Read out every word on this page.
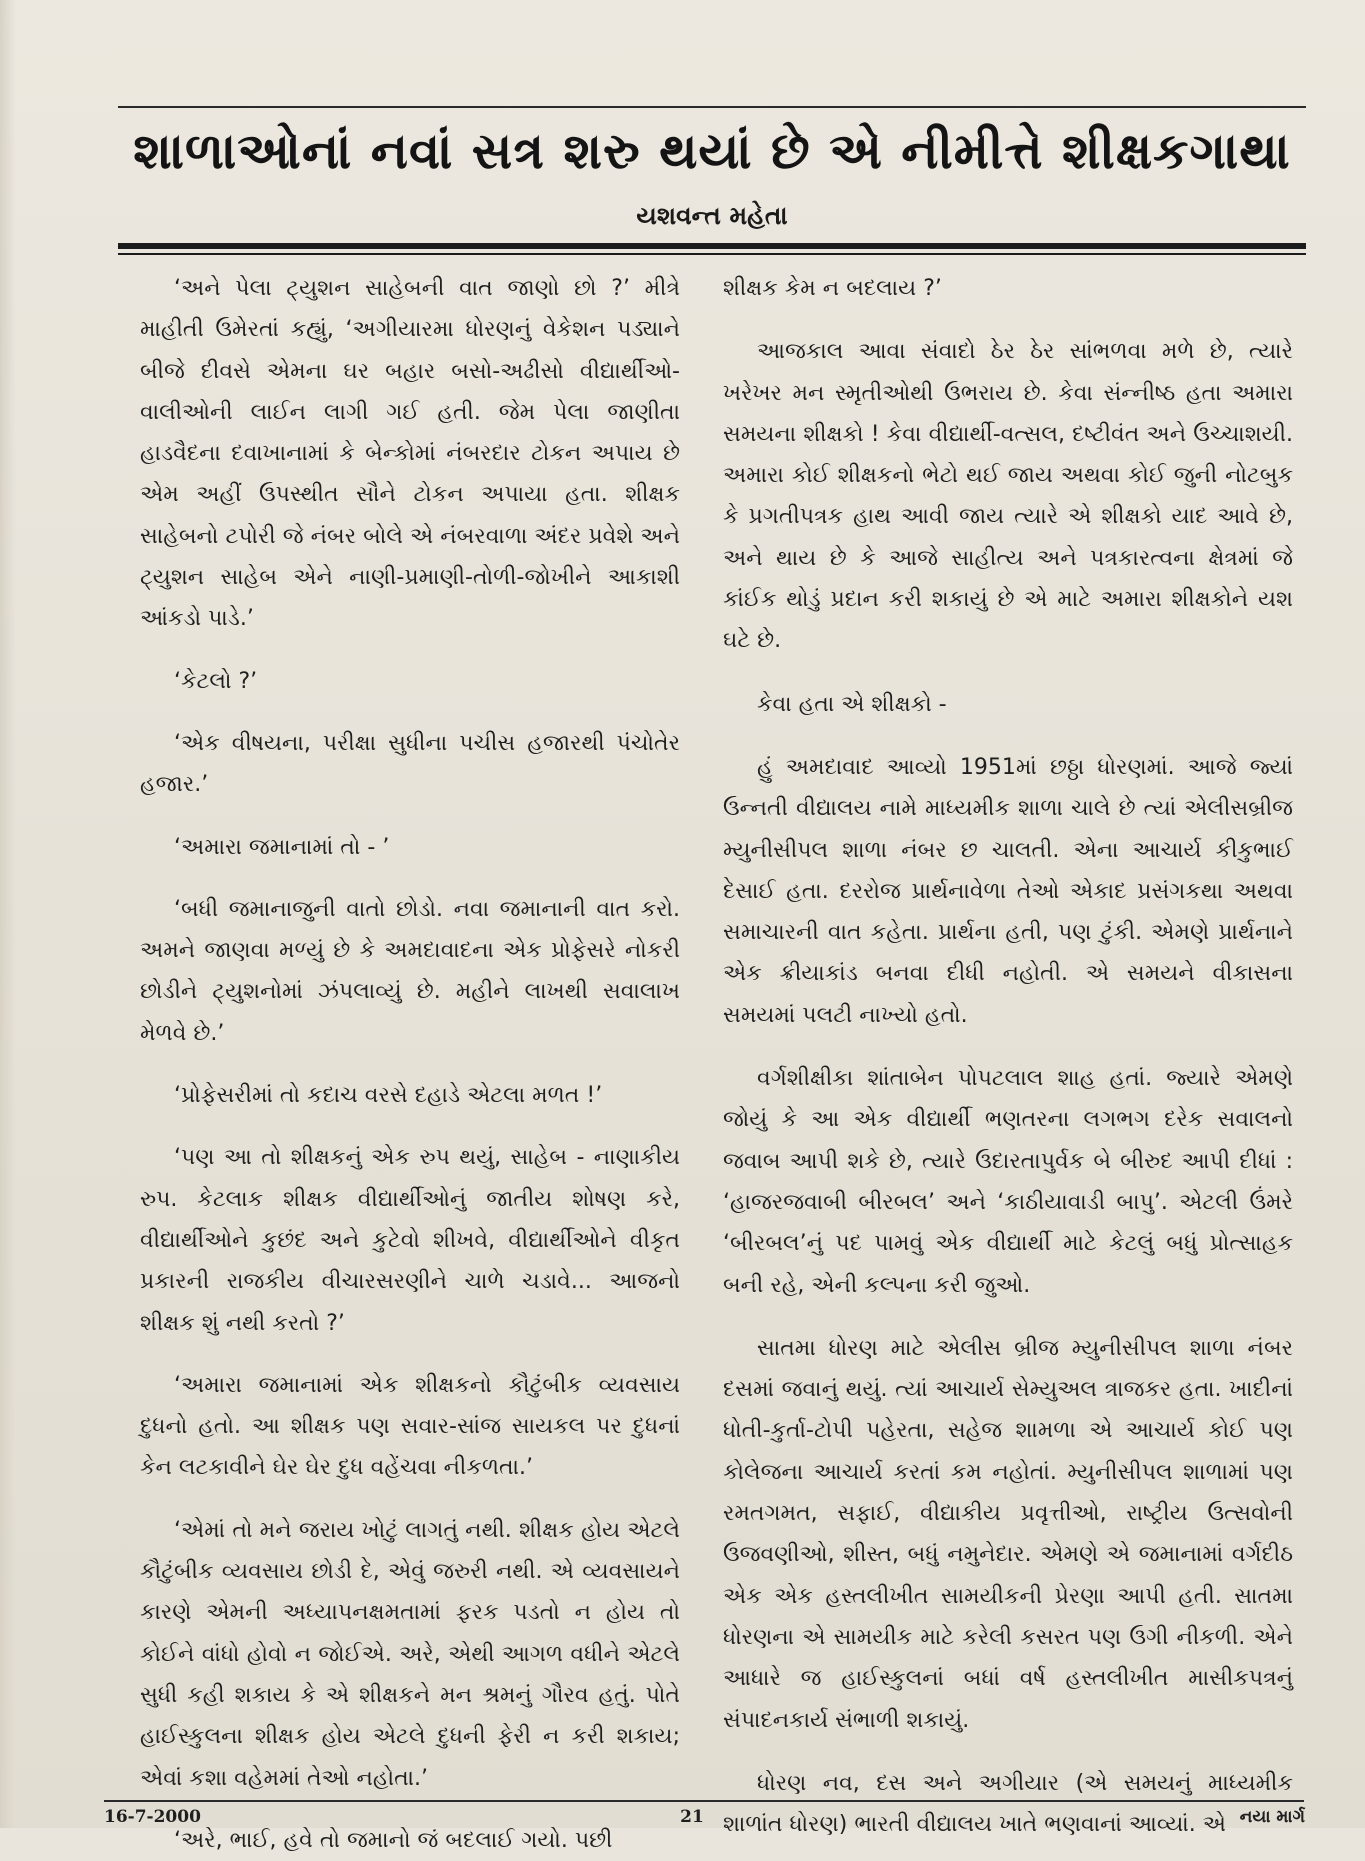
શાળાઓનાં નવાં સત્ર શરુ થયાં છે એ નીમીત્તે શીક્ષકગાથા
યશવન્ત મહેતા

‘અને પેલા ટ્યુશન સાહેબની વાત જાણો છો ?’ મીત્રે માહીતી ઉમેરતાં કહ્યું, ‘અગીયારમા ધોરણનું વેકેશન પડ્યાને બીજે દીવસે એમના ઘર બહાર બસો-અઢીસો વીદ્યાર્થીઓ-વાલીઓની લાઈન લાગી ગઈ હતી. જેમ પેલા જાણીતા હાડવૈદના દવાખાનામાં કે બેન્કોમાં નંબરદાર ટોકન અપાય છે એમ અહીં ઉપસ્થીત સૌને ટોકન અપાયા હતા. શીક્ષક સાહેબનો ટપોરી જે નંબર બોલે એ નંબરવાળા અંદર પ્રવેશે અને ટ્યુશન સાહેબ એને નાણી-પ્રમાણી-તોળી-જોખીને આકાશી આંકડો પાડે.’

‘કેટલો ?’

‘એક વીષયના, પરીક્ષા સુધીના પચીસ હજારથી પંચોતેર હજાર.’

‘અમારા જમાનામાં તો - ’

‘બધી જમાનાજુની વાતો છોડો. નવા જમાનાની વાત કરો. અમને જાણવા મળ્યું છે કે અમદાવાદના એક પ્રોફેસરે નોકરી છોડીને ટ્યુશનોમાં ઝંપલાવ્યું છે. મહીને લાખથી સવાલાખ મેળવે છે.’

‘પ્રોફેસરીમાં તો કદાચ વરસે દહાડે એટલા મળત !’

‘પણ આ તો શીક્ષકનું એક રુપ થયું, સાહેબ - નાણાકીય રુપ. કેટલાક શીક્ષક વીદ્યાર્થીઓનું જાતીય શોષણ કરે, વીદ્યાર્થીઓને કુછંદ અને કુટેવો શીખવે, વીદ્યાર્થીઓને વીકૃત પ્રકારની રાજકીય વીચારસરણીને ચાળે ચડાવે... આજનો શીક્ષક શું નથી કરતો ?’

‘અમારા જમાનામાં એક શીક્ષકનો કૌટુંબીક વ્યવસાય દુધનો હતો. આ શીક્ષક પણ સવાર-સાંજ સાયકલ પર દુધનાં કેન લટકાવીને ઘેર ઘેર દુધ વહેંચવા નીકળતા.’

‘એમાં તો મને જરાય ખોટું લાગતું નથી. શીક્ષક હોય એટલે કૌટુંબીક વ્યવસાય છોડી દે, એવું જરુરી નથી. એ વ્યવસાયને કારણે એમની અધ્યાપનક્ષમતામાં ફરક પડતો ન હોય તો કોઈને વાંધો હોવો ન જોઈએ. અરે, એથી આગળ વધીને એટલે સુધી કહી શકાય કે એ શીક્ષકને મન શ્રમનું ગૌરવ હતું. પોતે હાઈસ્કુલના શીક્ષક હોય એટલે દુધની ફેરી ન કરી શકાય; એવાં કશા વહેમમાં તેઓ નહોતા.’

‘અરે, ભાઈ, હવે તો જમાનો જં બદલાઈ ગયો. પછી

શીક્ષક કેમ ન બદલાય ?’

આજકાલ આવા સંવાદો ઠેર ઠેર સાંભળવા મળે છે, ત્યારે ખરેખર મન સ્મૃતીઓથી ઉભરાય છે. કેવા સંન્નીષ્ઠ હતા અમારા સમયના શીક્ષકો ! કેવા વીદ્યાર્થી-વત્સલ, દષ્ટીવંત અને ઉચ્ચાશયી. અમારા કોઈ શીક્ષકનો ભેટો થઈ જાય અથવા કોઈ જુની નોટબુક કે પ્રગતીપત્રક હાથ આવી જાય ત્યારે એ શીક્ષકો યાદ આવે છે, અને થાય છે કે આજે સાહીત્ય અને પત્રકારત્વના ક્ષેત્રમાં જે કાંઈક થોડું પ્રદાન કરી શકાયું છે એ માટે અમારા શીક્ષકોને યશ ઘટે છે.

કેવા હતા એ શીક્ષકો -

હું અમદાવાદ આવ્યો 1951માં છઠ્ઠા ધોરણમાં. આજે જ્યાં ઉન્નતી વીદ્યાલય નામે માધ્યમીક શાળા ચાલે છે ત્યાં એલીસબ્રીજ મ્યુનીસીપલ શાળા નંબર છ ચાલતી. એના આચાર્ય કીકુભાઈ દેસાઈ હતા. દરરોજ પ્રાર્થનાવેળા તેઓ એકાદ પ્રસંગકથા અથવા સમાચારની વાત કહેતા. પ્રાર્થના હતી, પણ ટુંકી. એમણે પ્રાર્થનાને એક ક્રીયાકાંડ બનવા દીધી નહોતી. એ સમયને વીકાસના સમયમાં પલટી નાખ્યો હતો.

વર્ગશીક્ષીકા શાંતાબેન પોપટલાલ શાહ હતાં. જ્યારે એમણે જોયું કે આ એક વીદ્યાર્થી ભણતરના લગભગ દરેક સવાલનો જવાબ આપી શકે છે, ત્યારે ઉદારતાપુર્વક બે બીરુદ આપી દીધાં : ‘હાજરજવાબી બીરબલ’ અને ‘કાઠીયાવાડી બાપુ’. એટલી ઉંમરે ‘બીરબલ’નું પદ પામવું એક વીદ્યાર્થી માટે કેટલું બધું પ્રોત્સાહક બની રહે, એની કલ્પના કરી જુઓ.

સાતમા ધોરણ માટે એલીસ બ્રીજ મ્યુનીસીપલ શાળા નંબર દસમાં જવાનું થયું. ત્યાં આચાર્ય સેમ્યુઅલ ત્રાજકર હતા. ખાદીનાં ધોતી-કુર્તા-ટોપી પહેરતા, સહેજ શામળા એ આચાર્ય કોઈ પણ કોલેજના આચાર્ય કરતાં કમ નહોતાં. મ્યુનીસીપલ શાળામાં પણ રમતગમત, સફાઈ, વીદ્યાકીય પ્રવૃત્તીઓ, રાષ્ટ્રીય ઉત્સવોની ઉજવણીઓ, શીસ્ત, બધું નમુનેદાર. એમણે એ જમાનામાં વર્ગદીઠ એક એક હસ્તલીખીત સામયીકની પ્રેરણા આપી હતી. સાતમા ધોરણના એ સામયીક માટે કરેલી કસરત પણ ઉગી નીકળી. એને આધારે જ હાઈસ્કુલનાં બધાં વર્ષ હસ્તલીખીત માસીકપત્રનું સંપાદનકાર્ય સંભાળી શકાયું.

ધોરણ નવ, દસ અને અગીયાર (એ સમયનું માધ્યમીક શાળાંત ધોરણ) ભારતી વીદ્યાલય ખાતે ભણવાનાં આવ્યાં. એ

16-7-2000	21	નયા માર્ગ
